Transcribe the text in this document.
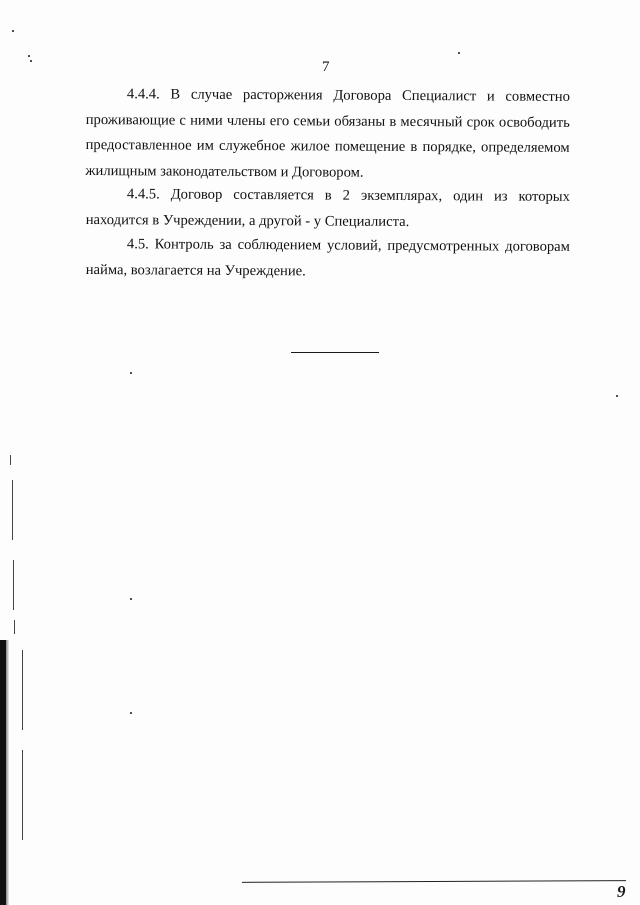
7

4.4.4. В случае расторжения Договора Специалист и совместно проживающие с ними члены его семьи обязаны в месячный срок освободить предоставленное им служебное жилое помещение в порядке, определяемом жилищным законодательством и Договором.

4.4.5. Договор составляется в 2 экземплярах, один из которых находится в Учреждении, а другой - у Специалиста.

4.5. Контроль за соблюдением условий, предусмотренных договорам найма, возлагается на Учреждение.

9
